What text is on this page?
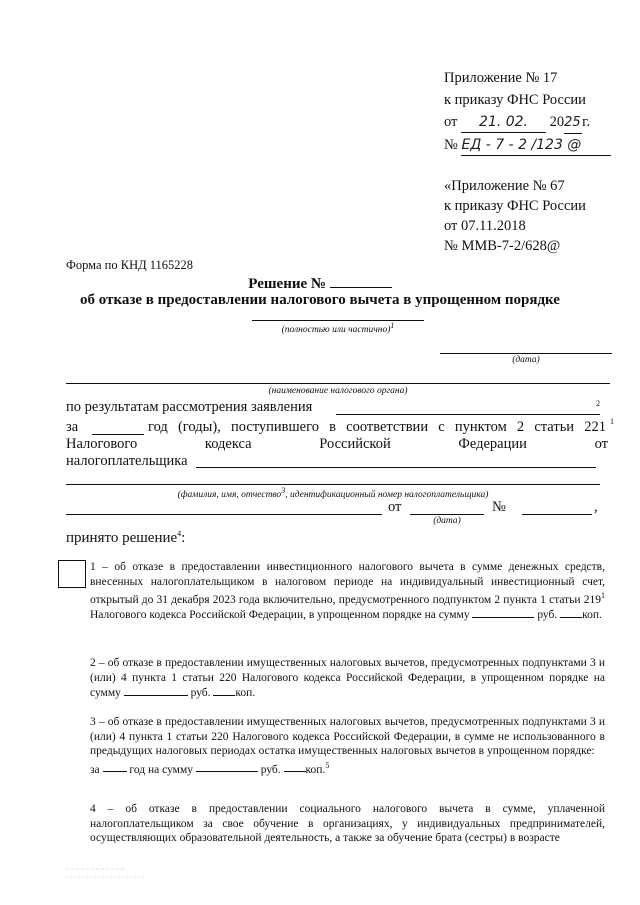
Приложение № 17
к приказу ФНС России
от 21. 02. 2025г.
№ ЕД - 7 - 2 /123 @
«Приложение № 67
к приказу ФНС России
от 07.11.2018
№ ММВ-7-2/628@
Форма по КНД 1165228
Решение №
об отказе в предоставлении налогового вычета в упрощенном порядке
(полностью или частично)$^1$
(дата)
(наименование налогового органа)
по результатам рассмотрения заявления	2
за	год (годы), поступившего в соответствии с пунктом 2 статьи 221 1
Налогового	кодекса	Российской	Федерации	от
налогоплательщика
(фамилия, имя, отчество$^3$, идентификационный номер налогоплательщика)
от	№	,
(дата)
принято решение$^4$:
1 – об отказе в предоставлении инвестиционного налогового вычета в сумме денежных средств, внесенных налогоплательщиком в налоговом периоде на индивидуальный инвестиционный счет, открытый до 31 декабря 2023 года включительно, предусмотренного подпунктом 2 пункта 1 статьи $219^1$ Налогового кодекса Российской Федерации, в упрощенном порядке на сумму	руб. коп.
2 – об отказе в предоставлении имущественных налоговых вычетов, предусмотренных подпунктами 3 и (или) 4 пункта 1 статьи 220 Налогового кодекса Российской Федерации, в упрощенном порядке на сумму	руб. коп.
3 – об отказе в предоставлении имущественных налоговых вычетов, предусмотренных подпунктами 3 и (или) 4 пункта 1 статьи 220 Налогового кодекса Российской Федерации, в сумме не использованного в предыдущих налоговых периодах остатка имущественных налоговых вычетов в упрощенном порядке:
за	год на сумму	руб. коп.$^5$
4 – об отказе в предоставлении социального налогового вычета в сумме, уплаченной налогоплательщиком за свое обучение в организациях, у индивидуальных предпринимателей, осуществляющих образовательной деятельность, а также за обучение брата (сестры) в возрасте
